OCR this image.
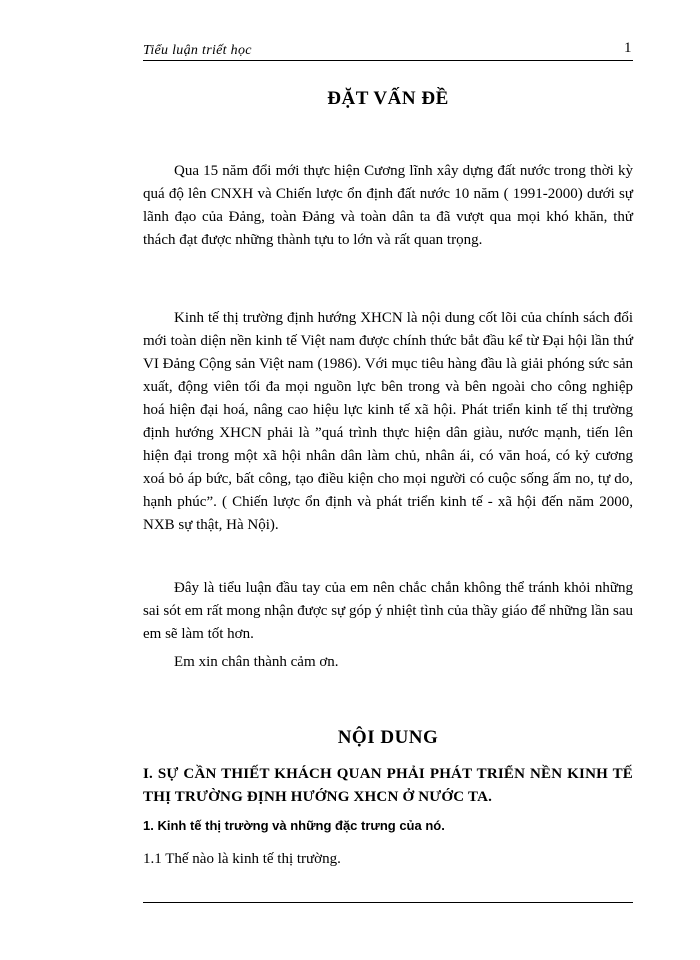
Tiểu luận triết học	1
ĐẶT VẤN ĐỀ
Qua 15 năm đổi mới thực hiện Cương lĩnh xây dựng đất nước trong thời kỳ quá độ lên CNXH và Chiến lược ổn định đất nước 10 năm ( 1991-2000) dưới sự lãnh đạo của Đảng, toàn Đảng và toàn dân ta đã vượt qua mọi khó khăn, thử thách đạt được những thành tựu to lớn và rất quan trọng.
Kinh tế thị trường định hướng XHCN là nội dung cốt lõi của chính sách đổi mới toàn diện nền kinh tế Việt nam được chính thức bắt đầu kể từ Đại hội lần thứ VI Đảng Cộng sản Việt nam (1986). Với mục tiêu hàng đầu là giải phóng sức sản xuất, động viên tối đa mọi nguồn lực bên trong và bên ngoài cho công nghiệp hoá hiện đại hoá, nâng cao hiệu lực kinh tế xã hội. Phát triển kinh tế thị trường định hướng XHCN phải là ”quá trình thực hiện dân giàu, nước mạnh, tiến lên hiện đại trong một xã hội nhân dân làm chủ, nhân ái, có văn hoá, có kỷ cương xoá bỏ áp bức, bất công, tạo điều kiện cho mọi người có cuộc sống ấm no, tự do, hạnh phúc”. ( Chiến lược ổn định và phát triển kinh tế - xã hội đến năm 2000, NXB sự thật, Hà Nội).
Đây là tiểu luận đầu tay của em nên chắc chắn không thể tránh khỏi những sai sót em rất mong nhận được sự góp ý nhiệt tình của thầy giáo để những lần sau em sẽ làm tốt hơn.
Em xin chân thành cảm ơn.
NỘI DUNG
I. SỰ CẦN THIẾT KHÁCH QUAN PHẢI PHÁT TRIỂN NỀN KINH TẾ THỊ TRƯỜNG ĐỊNH HƯỚNG XHCN Ở NƯỚC TA.
1. Kinh tế thị trường và những đặc trưng của nó.
1.1 Thế nào là kinh tế thị trường.
